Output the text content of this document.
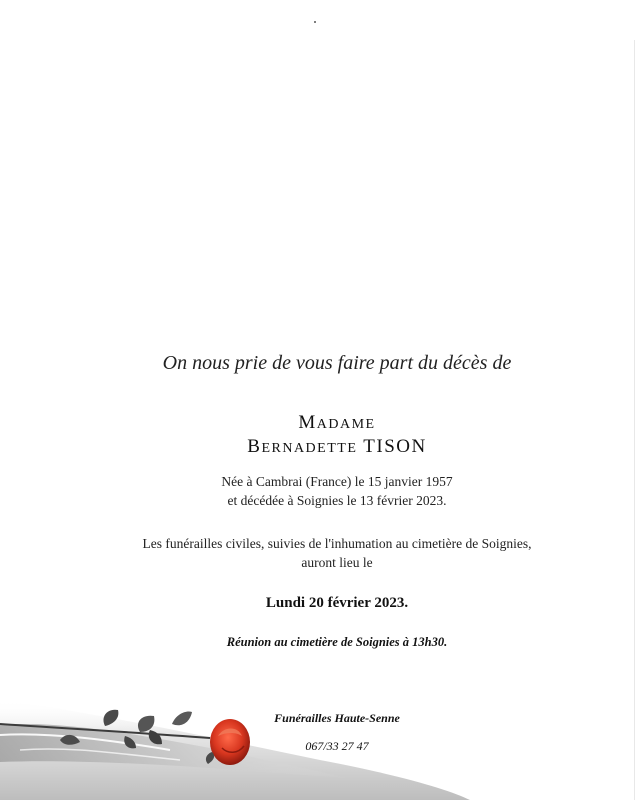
On nous prie de vous faire part du décès de
MADAME
BERNADETTE TISON
Née à Cambrai (France) le 15 janvier 1957
et décédée à Soignies le 13 février 2023.
Les funérailles civiles, suivies de l'inhumation au cimetière de Soignies,
auront lieu le
Lundi 20 février 2023.
Réunion au cimetière de Soignies à 13h30.
Funérailles Haute-Senne
067/33 27 47
